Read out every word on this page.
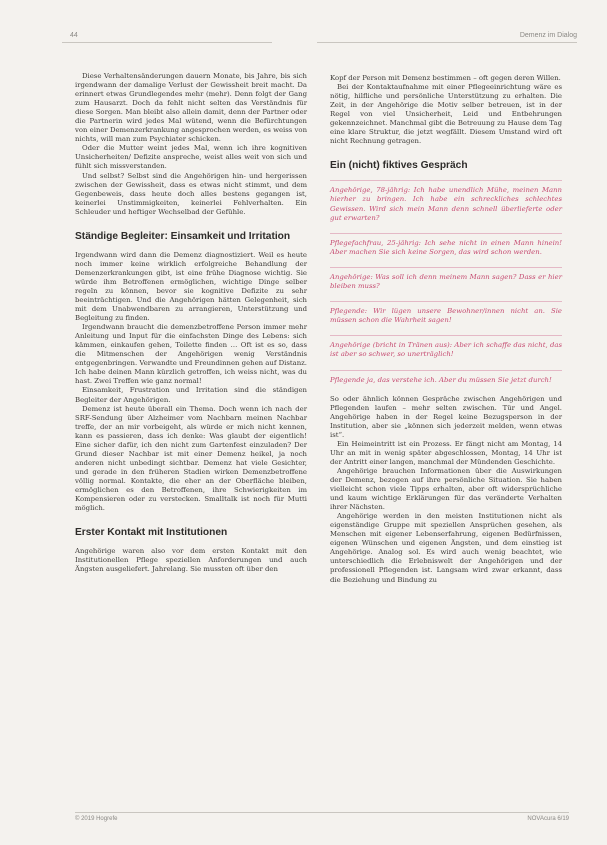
44	Demenz im Dialog

Diese Verhaltensänderungen dauern Monate, bis Jahre, bis sich irgendwann der damalige Verlust der Gewissheit breit macht. Da erinnert etwas Grundlegendes mehr (mehr). Denn folgt der Gang zum Hausarzt. Doch da fehlt nicht selten das Verständnis für diese Sorgen. Man bleibt also allein damit, denn der Partner oder die Partnerin wird jedes Mal wütend, wenn die Befürchtungen von einer Demenzerkrankung angesprochen werden, es weiss von nichts, will man zum Psychiater schicken.

Oder die Mutter weint jedes Mal, wenn ich ihre kognitiven Unsicherheiten/ Defizite anspreche, weist alles weit von sich und fühlt sich missverstanden.

Und selbst? Selbst sind die Angehörigen hin- und hergerissen zwischen der Gewissheit, dass es etwas nicht stimmt, und dem Gegenbeweis, dass heute doch alles bestens gegangen ist, keinerlei Unstimmigkeiten, keinerlei Fehlverhalten. Ein Schleuder und heftiger Wechselbad der Gefühle.

Ständige Begleiter: Einsamkeit und Irritation

Irgendwann wird dann die Demenz diagnostiziert. Weil es heute noch immer keine wirklich erfolgreiche Behandlung der Demenzerkrankungen gibt, ist eine frühe Diagnose wichtig. Sie würde ihm Betroffenen ermöglichen, wichtige Dinge selber regeln zu können, bevor sie kognitive Defizite zu sehr beeinträchtigen. Und die Angehörigen hätten Gelegenheit, sich mit dem Unabwendbaren zu arrangieren, Unterstützung und Begleitung zu finden.

Irgendwann braucht die demenzbetroffene Person immer mehr Anleitung und Input für die einfachsten Dinge des Lebens: sich kämmen, einkaufen gehen, Toilette finden … Oft ist es so, dass die Mitmenschen der Angehörigen wenig Verständnis entgegenbringen. Verwandte und Freundinnen gehen auf Distanz. Ich habe deinen Mann kürzlich getroffen, ich weiss nicht, was du hast. Zwei Treffen wie ganz normal!

Einsamkeit, Frustration und Irritation sind die ständigen Begleiter der Angehörigen.

Demenz ist heute überall ein Thema. Doch wenn ich nach der SRF-Sendung über Alzheimer vom Nachbarn meinen Nachbar treffe, der an mir vorbeigeht, als würde er mich nicht kennen, kann es passieren, dass ich denke: Was glaubt der eigentlich! Eine sicher dafür, ich den nicht zum Gartenfest einzuladen? Der Grund dieser Nachbar ist mit einer Demenz heikel, ja noch anderen nicht unbedingt sichtbar. Demenz hat viele Gesichter, und gerade in den früheren Stadien wirken Demenzbetroffene völlig normal. Kontakte, die eher an der Oberfläche bleiben, ermöglichen es den Betroffenen, ihre Schwierigkeiten im Kompensieren oder zu verstecken. Smalltalk ist noch für Mutti möglich.

Erster Kontakt mit Institutionen

Angehörige waren also vor dem ersten Kontakt mit den Institutionellen Pflege speziellen Anforderungen und auch Ängsten ausgeliefert. Jahrelang. Sie mussten oft über den

Kopf der Person mit Demenz bestimmen – oft gegen deren Willen.

Bei der Kontaktaufnahme mit einer Pflegeeinrichtung wäre es nötig, hilfliche und persönliche Unterstützung zu erhalten. Die Zeit, in der Angehörige die Motiv selber betreuen, ist in der Regel von viel Unsicherheit, Leid und Entbehrungen gekennzeichnet. Manchmal gibt die Betreuung zu Hause dem Tag eine klare Struktur, die jetzt wegfällt. Diesem Umstand wird oft nicht Rechnung getragen.

Ein (nicht) fiktives Gespräch
Angehörige, 78-jährig: Ich habe unendlich Mühe, meinen Mann hierher zu bringen. Ich habe ein schreckliches schlechtes Gewissen. Wird sich mein Mann denn schnell überlieferte oder gut erwarten?
Pflegefachfrau, 25-jährig: Ich sehe nicht in einen Mann hinein! Aber machen Sie sich keine Sorgen, das wird schon werden.
Angehörige: Was soll ich denn meinem Mann sagen? Dass er hier bleiben muss?
Pflegende: Wir lügen unsere Bewohner/innen nicht an. Sie müssen schon die Wahrheit sagen!
Angehörige (bricht in Tränen aus): Aber ich schaffe das nicht, das ist aber so schwer, so unerträglich!
Pflegende ja, das verstehe ich. Aber du müssen Sie jetzt durch!

So oder ähnlich können Gespräche zwischen Angehörigen und Pflegenden laufen – mehr selten zwischen. Tür und Angel. Angehörige haben in der Regel keine Bezugsperson in der Institution, aber sie „können sich jederzeit melden, wenn etwas ist“.

Ein Heimeintritt ist ein Prozess. Er fängt nicht am Montag, 14 Uhr an mit in wenig später abgeschlossen, Montag, 14 Uhr ist der Antritt einer langen, manchmal der Mündenden Geschichte.

Angehörige brauchen Informationen über die Auswirkungen der Demenz, bezogen auf ihre persönliche Situation. Sie haben vielleicht schon viele Tipps erhalten, aber oft widersprüchliche und kaum wichtige Erklärungen für das veränderte Verhalten ihrer Nächsten.

Angehörige werden in den meisten Institutionen nicht als eigenständige Gruppe mit speziellen Ansprüchen gesehen, als Menschen mit eigener Lebenserfahrung, eigenen Bedürfnissen, eigenen Wünschen und eigenen Ängsten, und dem einstieg ist Angehörige. Analog sol. Es wird auch wenig beachtet, wie unterschiedlich die Erlebniswelt der Angehörigen und der professionell Pflegenden ist. Langsam wird zwar erkannt, dass die Beziehung und Bindung zu

© 2019 Hogrefe	NOVAcura 6/19
